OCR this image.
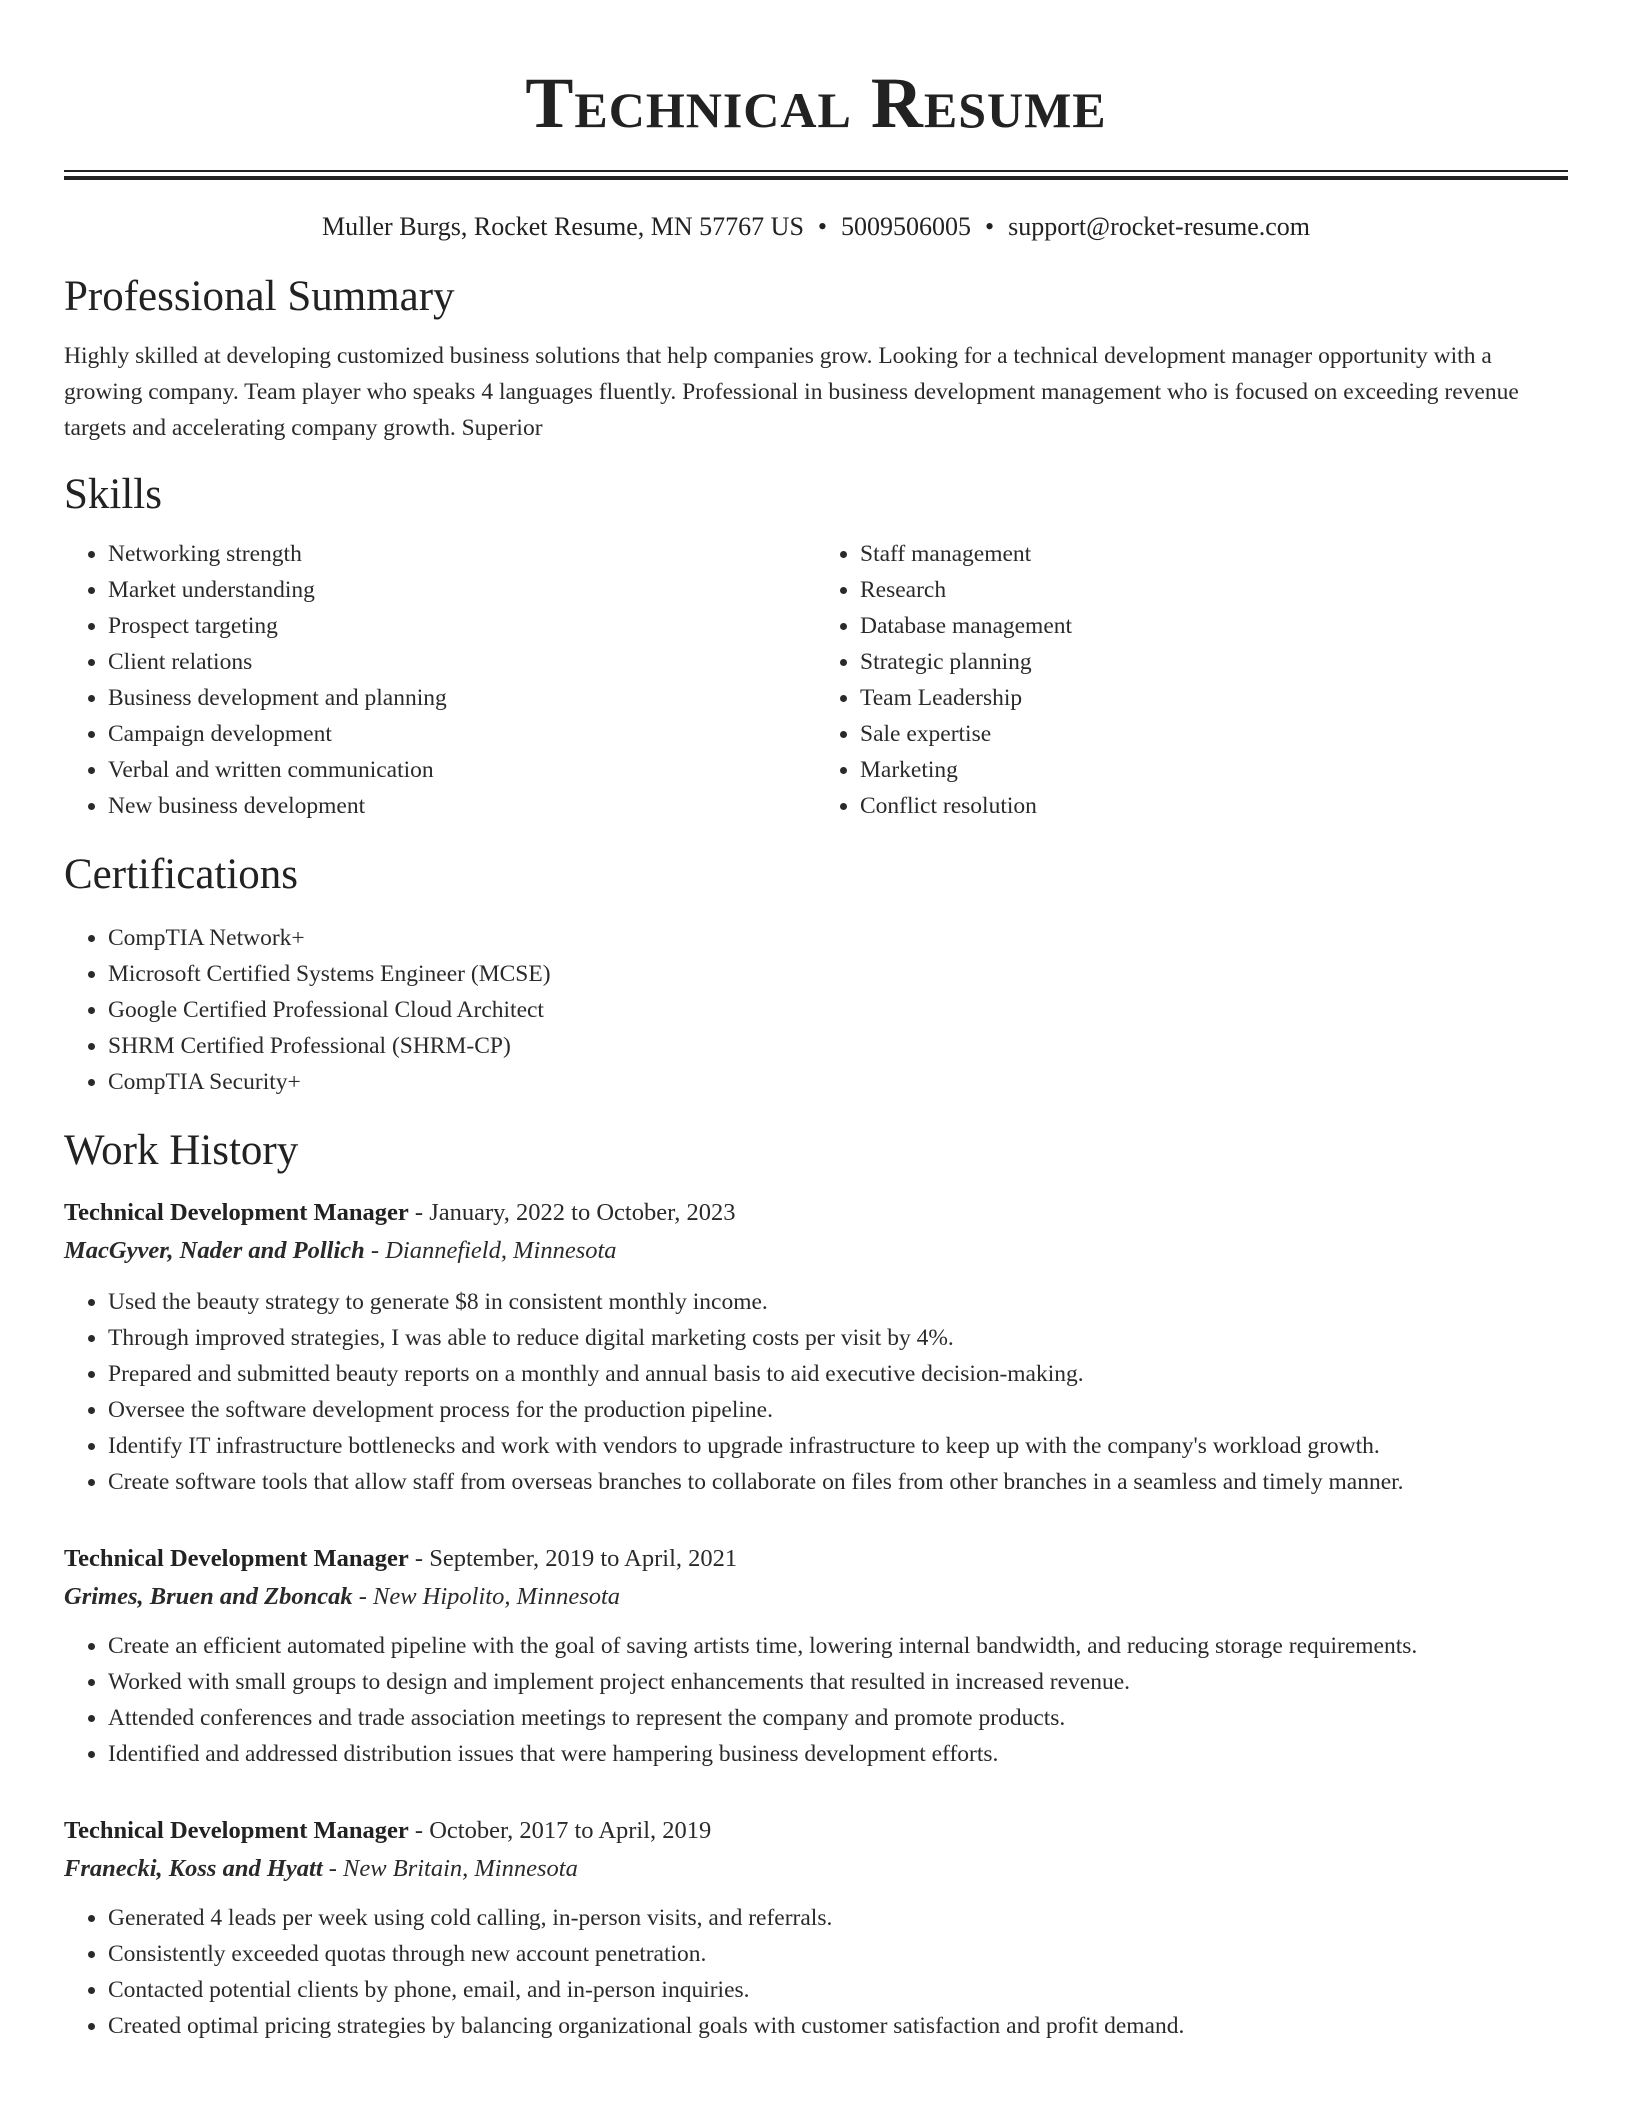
Technical Resume
Muller Burgs, Rocket Resume, MN 57767 US • 5009506005 • support@rocket-resume.com
Professional Summary
Highly skilled at developing customized business solutions that help companies grow. Looking for a technical development manager opportunity with a growing company. Team player who speaks 4 languages fluently. Professional in business development management who is focused on exceeding revenue targets and accelerating company growth. Superior
Skills
• Networking strength
• Market understanding
• Prospect targeting
• Client relations
• Business development and planning
• Campaign development
• Verbal and written communication
• New business development
• Staff management
• Research
• Database management
• Strategic planning
• Team Leadership
• Sale expertise
• Marketing
• Conflict resolution
Certifications
• CompTIA Network+
• Microsoft Certified Systems Engineer (MCSE)
• Google Certified Professional Cloud Architect
• SHRM Certified Professional (SHRM-CP)
• CompTIA Security+
Work History
Technical Development Manager - January, 2022 to October, 2023
MacGyver, Nader and Pollich - Diannefield, Minnesota
• Used the beauty strategy to generate $8 in consistent monthly income.
• Through improved strategies, I was able to reduce digital marketing costs per visit by 4%.
• Prepared and submitted beauty reports on a monthly and annual basis to aid executive decision-making.
• Oversee the software development process for the production pipeline.
• Identify IT infrastructure bottlenecks and work with vendors to upgrade infrastructure to keep up with the company's workload growth.
• Create software tools that allow staff from overseas branches to collaborate on files from other branches in a seamless and timely manner.
Technical Development Manager - September, 2019 to April, 2021
Grimes, Bruen and Zboncak - New Hipolito, Minnesota
• Create an efficient automated pipeline with the goal of saving artists time, lowering internal bandwidth, and reducing storage requirements.
• Worked with small groups to design and implement project enhancements that resulted in increased revenue.
• Attended conferences and trade association meetings to represent the company and promote products.
• Identified and addressed distribution issues that were hampering business development efforts.
Technical Development Manager - October, 2017 to April, 2019
Franecki, Koss and Hyatt - New Britain, Minnesota
• Generated 4 leads per week using cold calling, in-person visits, and referrals.
• Consistently exceeded quotas through new account penetration.
• Contacted potential clients by phone, email, and in-person inquiries.
• Created optimal pricing strategies by balancing organizational goals with customer satisfaction and profit demand.
